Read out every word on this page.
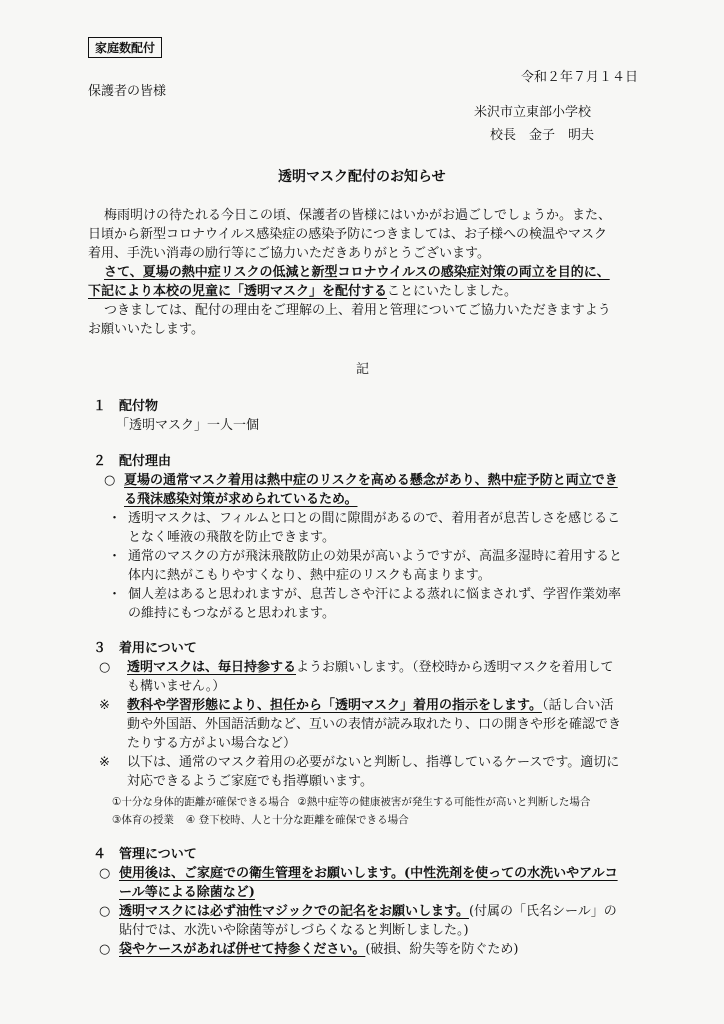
家庭数配付
令和２年７月１４日
保護者の皆様
米沢市立東部小学校
校長　金子　明夫
透明マスク配付のお知らせ
梅雨明けの待たれる今日この頃、保護者の皆様にはいかがお過ごしでしょうか。また、
日頃から新型コロナウイルス感染症の感染予防につきましては、お子様への検温やマスク
着用、手洗い消毒の励行等にご協力いただきありがとうございます。
さて、夏場の熱中症リスクの低減と新型コロナウイルスの感染症対策の両立を目的に、
下記により本校の児童に「透明マスク」を配付することにいたしました。
つきましては、配付の理由をご理解の上、着用と管理についてご協力いただきますよう
お願いいたします。
記
１　配付物
「透明マスク」一人一個
２　配付理由
○ 夏場の通常マスク着用は熱中症のリスクを高める懸念があり、熱中症予防と両立でき
る飛沫感染対策が求められているため。
・ 透明マスクは、フィルムと口との間に隙間があるので、着用者が息苦しさを感じるこ
となく唾液の飛散を防止できます。
・ 通常のマスクの方が飛沫飛散防止の効果が高いようですが、高温多湿時に着用すると
体内に熱がこもりやすくなり、熱中症のリスクも高まります。
・ 個人差はあると思われますが、息苦しさや汗による蒸れに悩まされず、学習作業効率
の維持にもつながると思われます。
３　着用について
○ 透明マスクは、毎日持参するようお願いします。（登校時から透明マスクを着用して
も構いません。）
※ 教科や学習形態により、担任から「透明マスク」着用の指示をします。（話し合い活
動や外国語、外国語活動など、互いの表情が読み取れたり、口の開きや形を確認でき
たりする方がよい場合など）
※ 以下は、通常のマスク着用の必要がないと判断し、指導しているケースです。適切に
対応できるようご家庭でも指導願います。
①十分な身体的距離が確保できる場合 ②熱中症等の健康被害が発生する可能性が高いと判断した場合
③体育の授業 ④ 登下校時、人と十分な距離を確保できる場合
４　管理について
○ 使用後は、ご家庭での衛生管理をお願いします。(中性洗剤を使っての水洗いやアルコ
ール等による除菌など)
○ 透明マスクには必ず油性マジックでの記名をお願いします。(付属の「氏名シール」の
貼付では、水洗いや除菌等がしづらくなると判断しました。)
○ 袋やケースがあれば併せて持参ください。(破損、紛失等を防ぐため)
